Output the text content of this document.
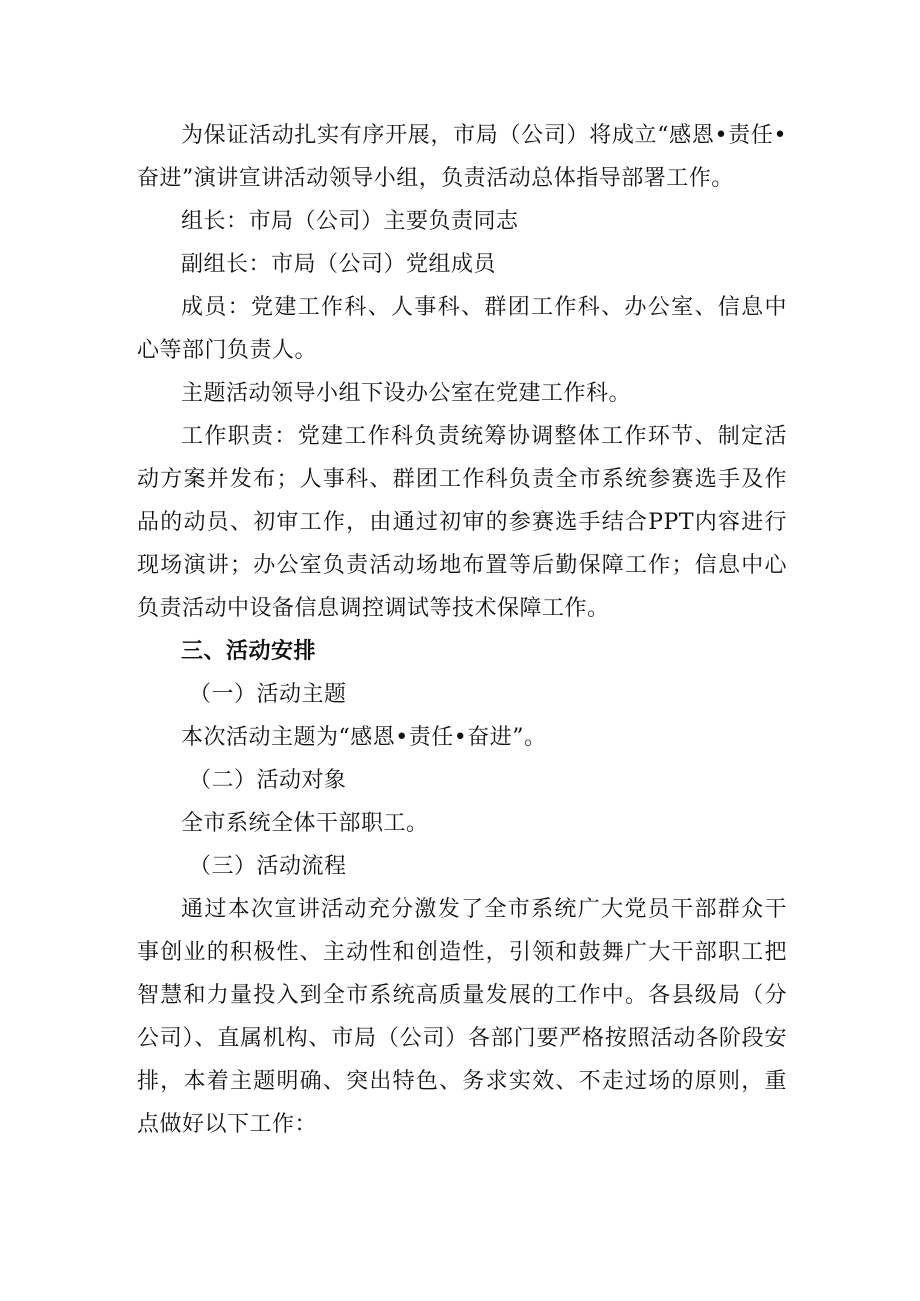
为保证活动扎实有序开展，市局（公司）将成立“感恩•责任•奋进”演讲宣讲活动领导小组，负责活动总体指导部署工作。

组长：市局（公司）主要负责同志

副组长：市局（公司）党组成员

成员：党建工作科、人事科、群团工作科、办公室、信息中心等部门负责人。

主题活动领导小组下设办公室在党建工作科。

工作职责：党建工作科负责统筹协调整体工作环节、制定活动方案并发布；人事科、群团工作科负责全市系统参赛选手及作品的动员、初审工作，由通过初审的参赛选手结合PPT内容进行现场演讲；办公室负责活动场地布置等后勤保障工作；信息中心负责活动中设备信息调控调试等技术保障工作。

三、活动安排

（一）活动主题

本次活动主题为“感恩•责任•奋进”。

（二）活动对象

全市系统全体干部职工。

（三）活动流程

通过本次宣讲活动充分激发了全市系统广大党员干部群众干事创业的积极性、主动性和创造性，引领和鼓舞广大干部职工把智慧和力量投入到全市系统高质量发展的工作中。各县级局（分公司）、直属机构、市局（公司）各部门要严格按照活动各阶段安排，本着主题明确、突出特色、务求实效、不走过场的原则，重点做好以下工作：
